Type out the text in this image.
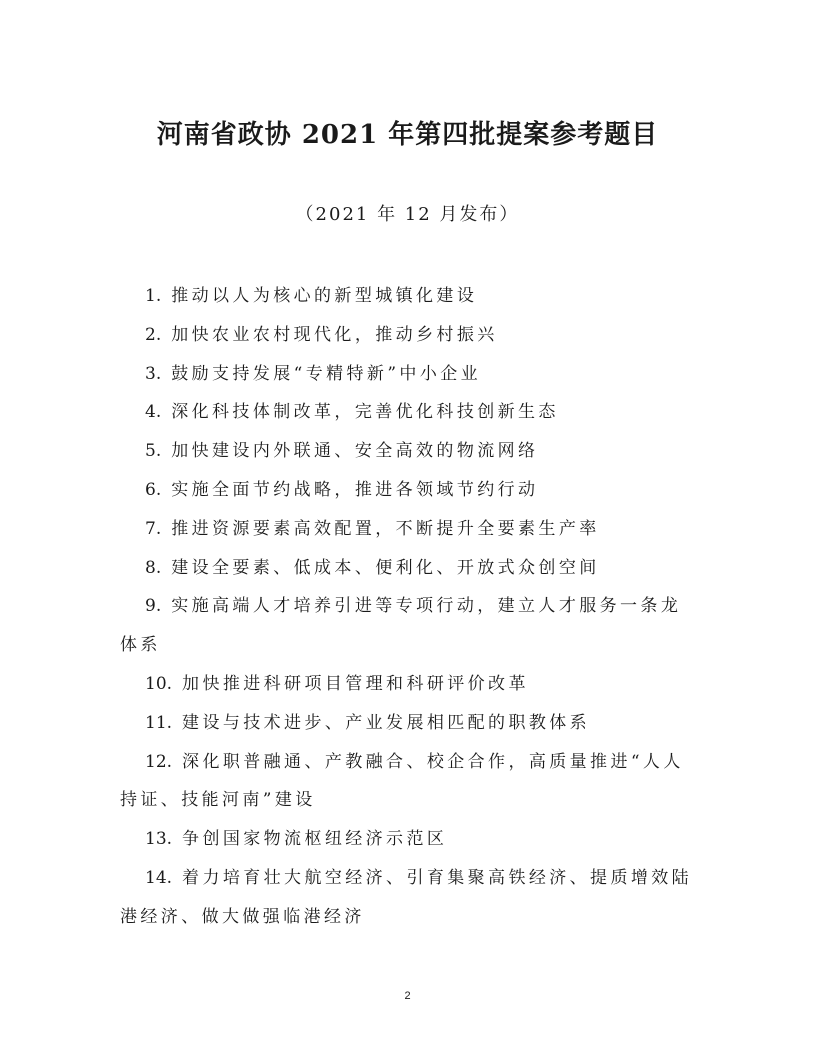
河南省政协 2021 年第四批提案参考题目
（2021 年 12 月发布）
1. 推动以人为核心的新型城镇化建设
2. 加快农业农村现代化，推动乡村振兴
3. 鼓励支持发展“专精特新”中小企业
4. 深化科技体制改革，完善优化科技创新生态
5. 加快建设内外联通、安全高效的物流网络
6. 实施全面节约战略，推进各领域节约行动
7. 推进资源要素高效配置，不断提升全要素生产率
8. 建设全要素、低成本、便利化、开放式众创空间
9. 实施高端人才培养引进等专项行动，建立人才服务一条龙体系
10. 加快推进科研项目管理和科研评价改革
11. 建设与技术进步、产业发展相匹配的职教体系
12. 深化职普融通、产教融合、校企合作，高质量推进“人人持证、技能河南”建设
13. 争创国家物流枢纽经济示范区
14. 着力培育壮大航空经济、引育集聚高铁经济、提质增效陆港经济、做大做强临港经济
2
